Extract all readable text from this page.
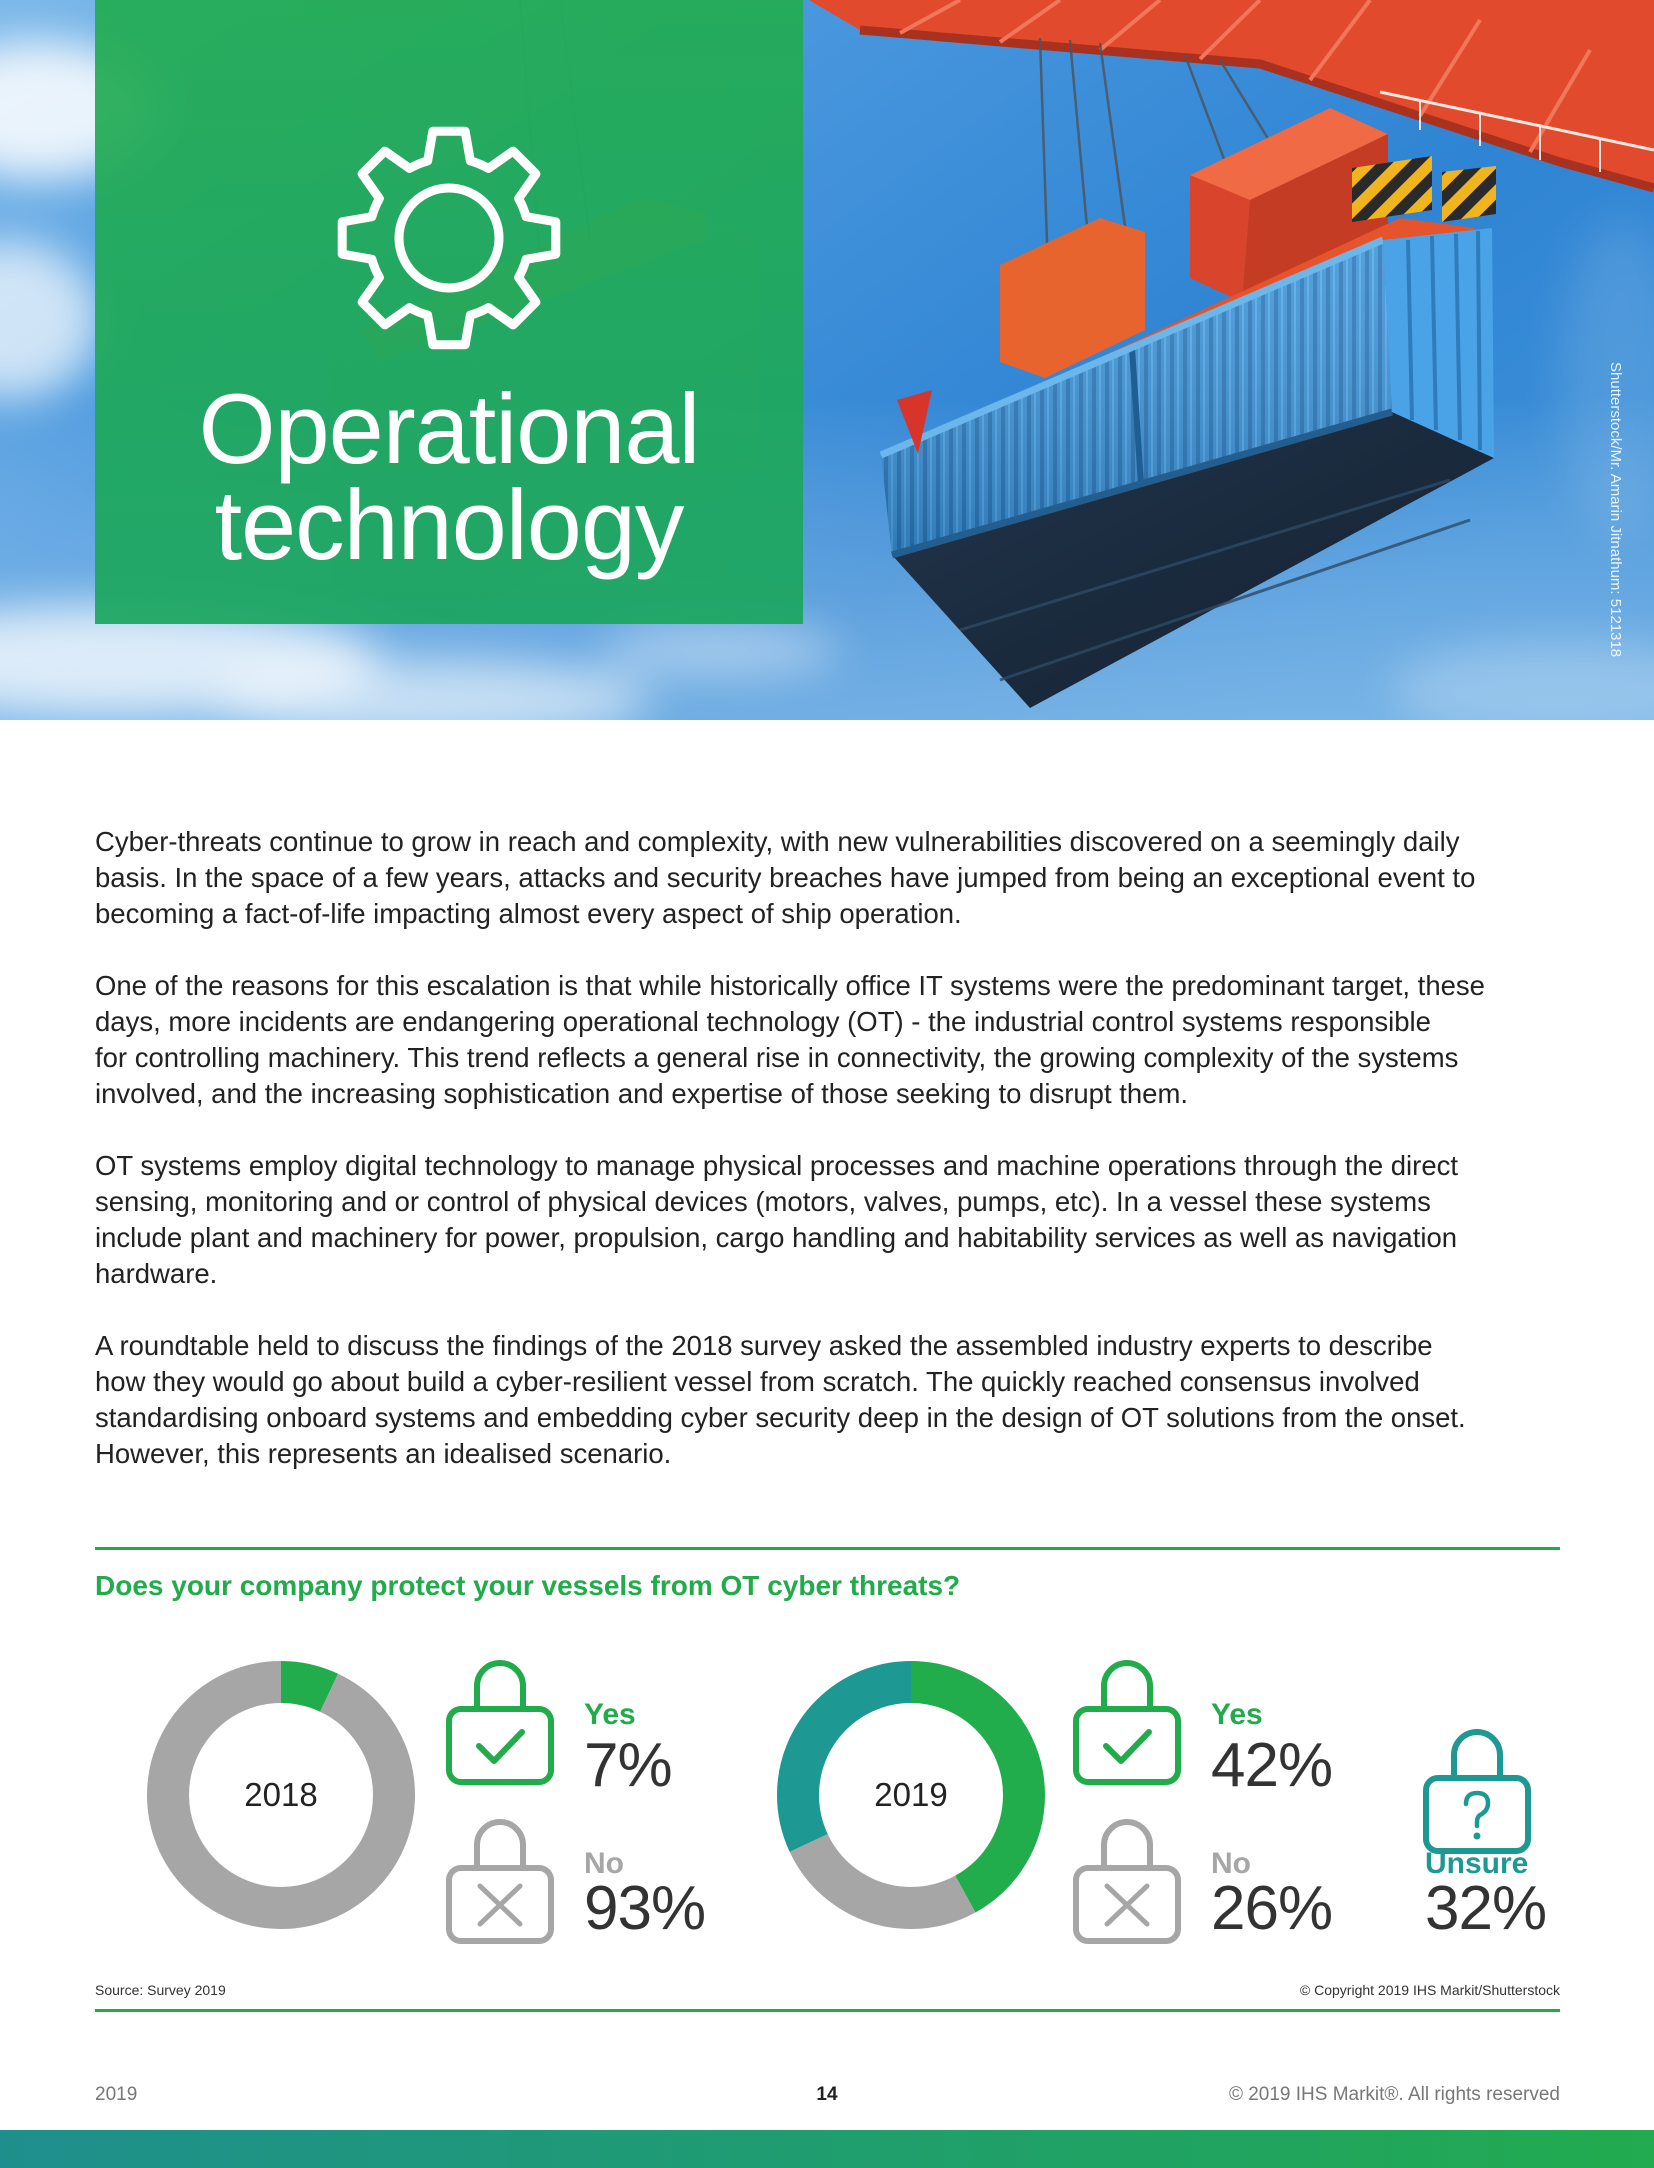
Operational
technology	Shutterstock/Mr. Amarin Jitnathum: 5121318
Cyber-threats continue to grow in reach and complexity, with new vulnerabilities discovered on a seemingly daily
basis. In the space of a few years, attacks and security breaches have jumped from being an exceptional event to
becoming a fact-of-life impacting almost every aspect of ship operation.
One of the reasons for this escalation is that while historically office IT systems were the predominant target, these
days, more incidents are endangering operational technology (OT) - the industrial control systems responsible
for controlling machinery. This trend reflects a general rise in connectivity, the growing complexity of the systems
involved, and the increasing sophistication and expertise of those seeking to disrupt them.
OT systems employ digital technology to manage physical processes and machine operations through the direct
sensing, monitoring and or control of physical devices (motors, valves, pumps, etc). In a vessel these systems
include plant and machinery for power, propulsion, cargo handling and habitability services as well as navigation
hardware.
A roundtable held to discuss the findings of the 2018 survey asked the assembled industry experts to describe
how they would go about build a cyber-resilient vessel from scratch. The quickly reached consensus involved
standardising onboard systems and embedding cyber security deep in the design of OT solutions from the onset.
However, this represents an idealised scenario.
Does your company protect your vessels from OT cyber threats?
2018
Yes
7%
No
93%
2019
Yes
42%
No
26%
Unsure
32%
Source: Survey 2019	© Copyright 2019 IHS Markit/Shutterstock
2019	14	© 2019 IHS Markit®. All rights reserved
